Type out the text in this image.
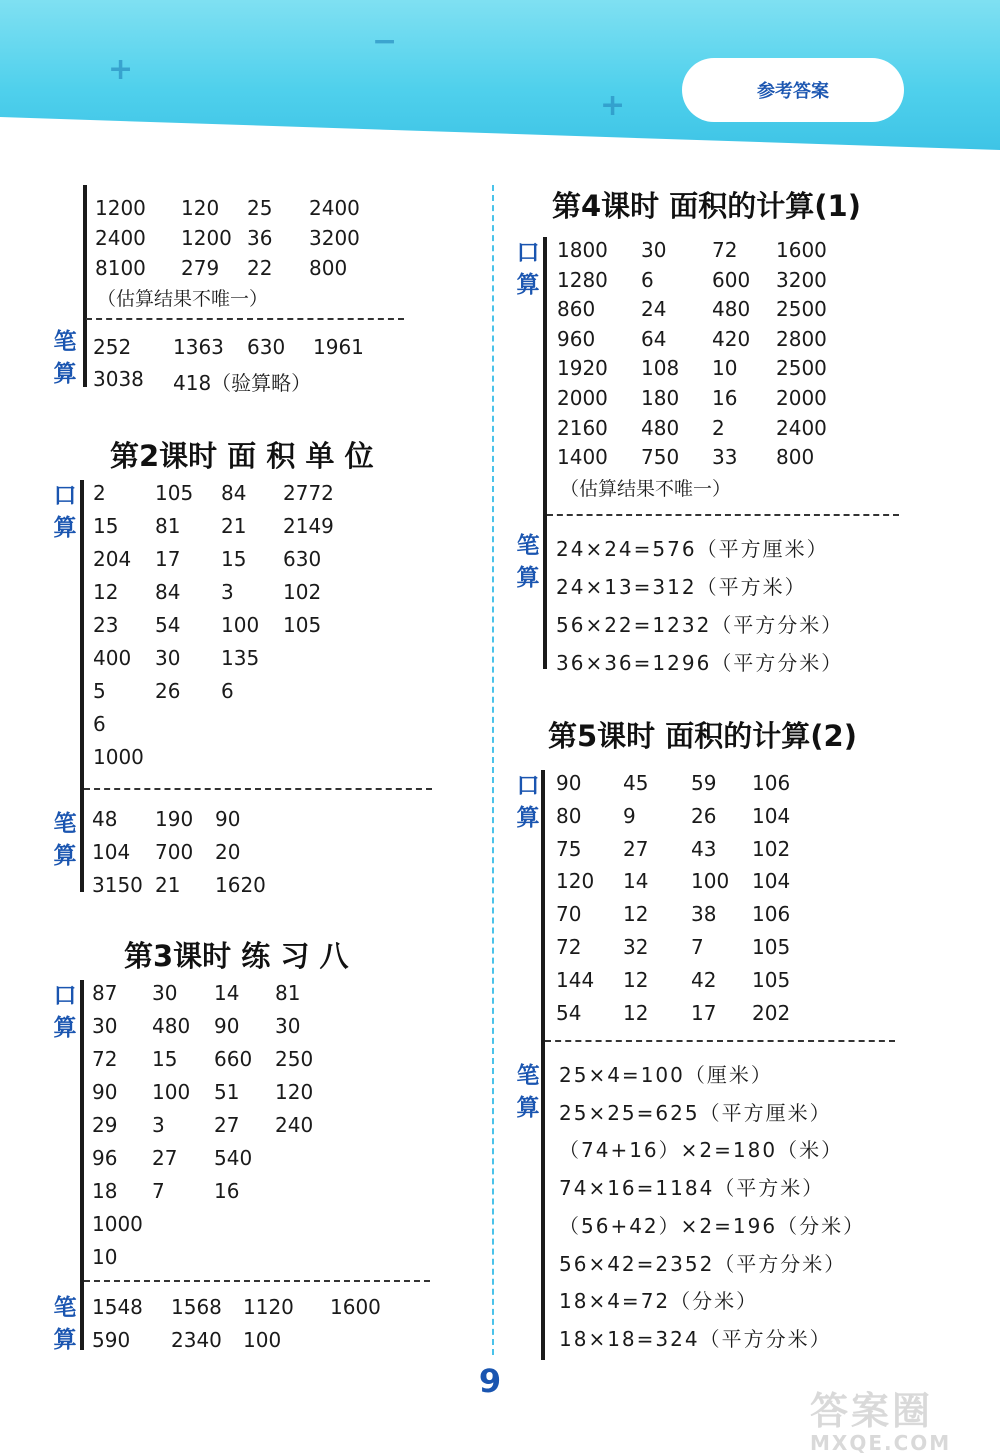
+
−
+	参考答案
1200 120 25 2400
2400 1200 36 3200
8100 279 22 800
（估算结果不唯一）
笔
算
252 1363 630 1961
3038 418（验算略）
第2课时 面 积 单 位
口
算
2 105 84 2772
15 81 21 2149
204 17 15 630
12 84 3 102
23 54 100 105
400 30 135
5 26 6
6
1000
笔
算
48 190 90
104 700 20
3150 21 1620
第3课时 练 习 八
口
算
87 30 14 81
30 480 90 30
72 15 660 250
90 100 51 120
29 3 27 240
96 27 540
18 7 16
1000
10
笔
算
1548 1568 1120 1600
590 2340 100
第4课时 面积的计算(1)
口
算
1800 30 72 1600
1280 6	600 3200
860 24 480 2500
960 64 420 2800
1920 108 10 2500
2000 180 16 2000
2160 480 2	2400
1400 750 33 800
（估算结果不唯一）
笔
算
24×24=576（平方厘米）
24×13=312（平方米）
56×22=1232（平方分米）
36×36=1296（平方分米）
第5课时 面积的计算(2)
口
算
90 45 59 106
80 9	26 104
75 27 43 102
120 14 100 104
70 12 38 106
72 32 7 105
144 12 42 105
54 12 17 202
笔
算
25×4=100（厘米）
25×25=625（平方厘米）
（74+16）×2=180（米）
74×16=1184（平方米）
（56+42）×2=196（分米）
56×42=2352（平方分米）
18×4=72（分米）
18×18=324（平方分米）
9
答案圈
MXQE.COM
